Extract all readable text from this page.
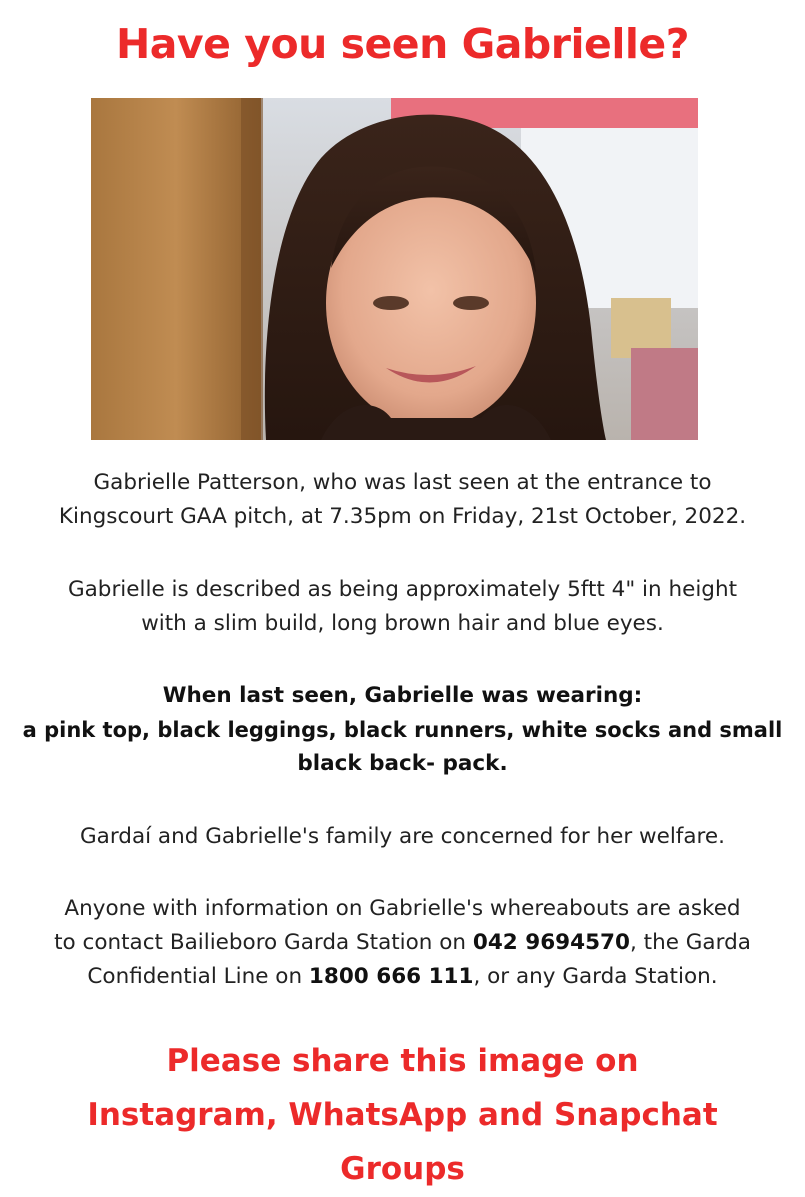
Have you seen Gabrielle?
Gabrielle Patterson, who was last seen at the entrance to
Kingscourt GAA pitch, at 7.35pm on Friday, 21st October, 2022.
Gabrielle is described as being approximately 5ftt 4" in height
with a slim build, long brown hair and blue eyes.
When last seen, Gabrielle was wearing:
a pink top, black leggings, black runners, white socks and small
black back- pack.
Gardaí and Gabrielle's family are concerned for her welfare.
Anyone with information on Gabrielle's whereabouts are asked
to contact Bailieboro Garda Station on 042 9694570, the Garda
Confidential Line on 1800 666 111, or any Garda Station.
Please share this image on
Instagram, WhatsApp and Snapchat
Groups
